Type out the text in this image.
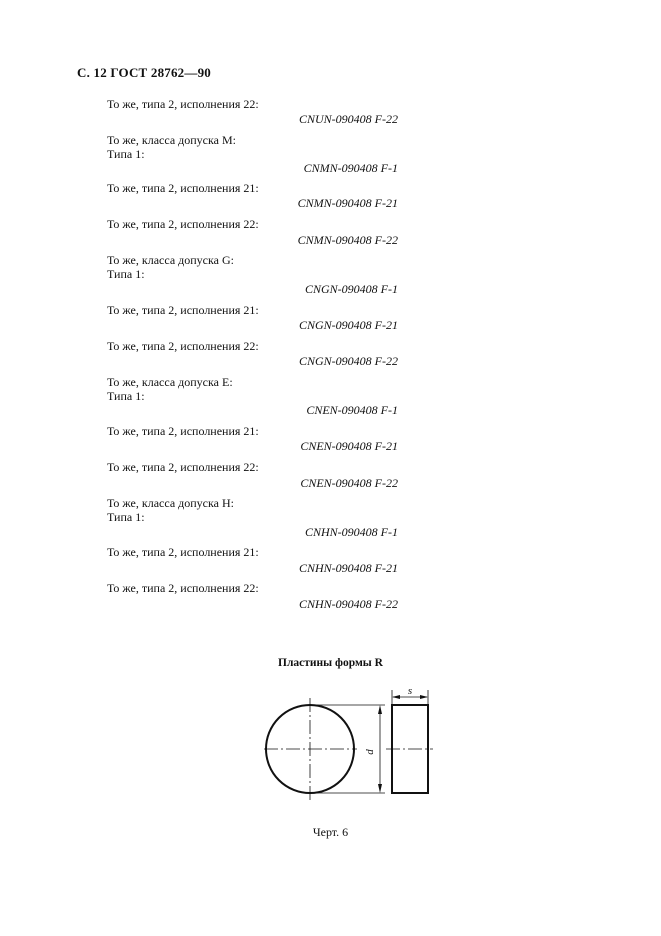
С. 12 ГОСТ 28762—90
То же, типа 2, исполнения 22:
CNUN-090408 F-22
То же, класса допуска М:
Типа 1:
CNMN-090408 F-1
То же, типа 2, исполнения 21:
CNMN-090408 F-21
То же, типа 2, исполнения 22:
CNMN-090408 F-22
То же, класса допуска G:
Типа 1:
CNGN-090408 F-1
То же, типа 2, исполнения 21:
CNGN-090408 F-21
То же, типа 2, исполнения 22:
CNGN-090408 F-22
То же, класса допуска Е:
Типа 1:
CNEN-090408 F-1
То же, типа 2, исполнения 21:
CNEN-090408 F-21
То же, типа 2, исполнения 22:
CNEN-090408 F-22
То же, класса допуска Н:
Типа 1:
CNHN-090408 F-1
То же, типа 2, исполнения 21:
CNHN-090408 F-21
То же, типа 2, исполнения 22:
CNHN-090408 F-22
Пластины формы R
d
s
Черт. 6
